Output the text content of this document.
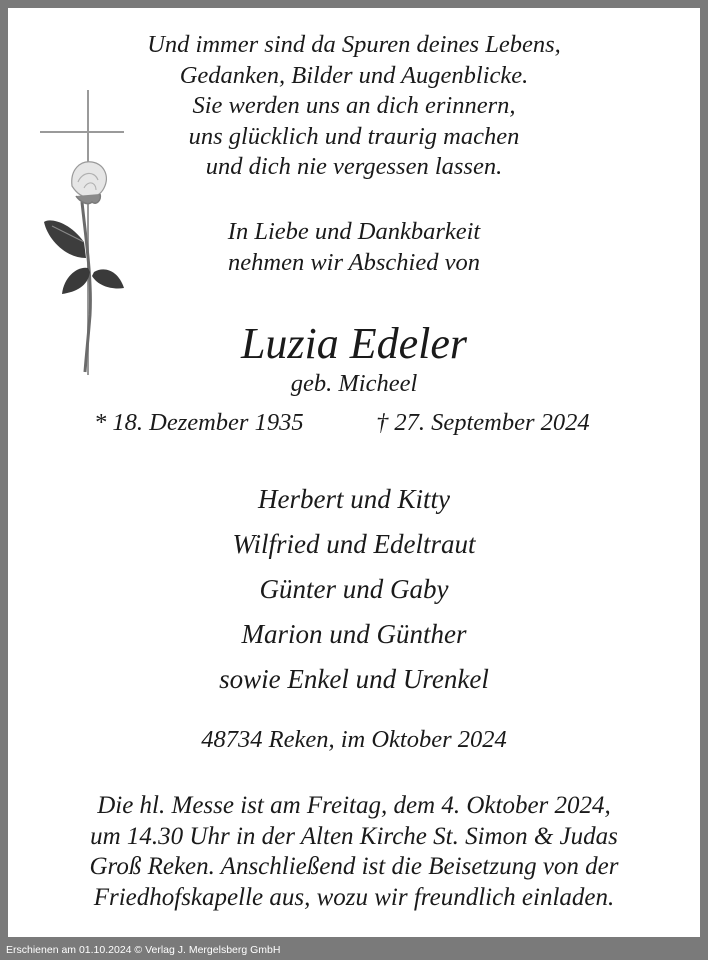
Und immer sind da Spuren deines Lebens,
Gedanken, Bilder und Augenblicke.
Sie werden uns an dich erinnern,
uns glücklich und traurig machen
und dich nie vergessen lassen.
In Liebe und Dankbarkeit
nehmen wir Abschied von
Luzia Edeler
geb. Micheel
* 18. Dezember 1935	† 27. September 2024
Herbert und Kitty
Wilfried und Edeltraut
Günter und Gaby
Marion und Günther
sowie Enkel und Urenkel
48734 Reken, im Oktober 2024
Die hl. Messe ist am Freitag, dem 4. Oktober 2024,
um 14.30 Uhr in der Alten Kirche St. Simon & Judas
Groß Reken. Anschließend ist die Beisetzung von der
Friedhofskapelle aus, wozu wir freundlich einladen.
Erschienen am 01.10.2024 © Verlag J. Mergelsberg GmbH
